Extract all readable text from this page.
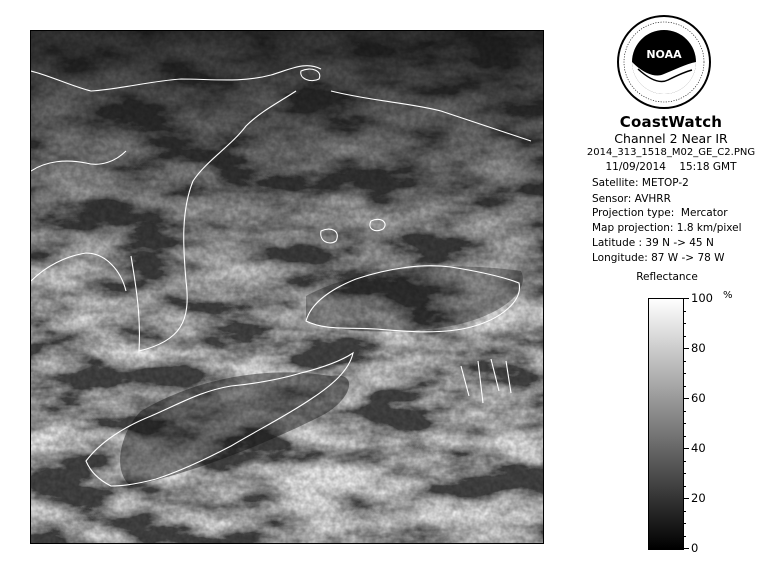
NOAA
CoastWatch
Channel 2 Near IR
2014_313_1518_M02_GE_C2.PNG
11/09/2014    15:18 GMT
Satellite: METOP-2
Sensor: AVHRR
Projection type:  Mercator
Map projection: 1.8 km/pixel
Latitude : 39 N -> 45 N
Longitude: 87 W -> 78 W
Reflectance
%
100
80
60
40
20
0
